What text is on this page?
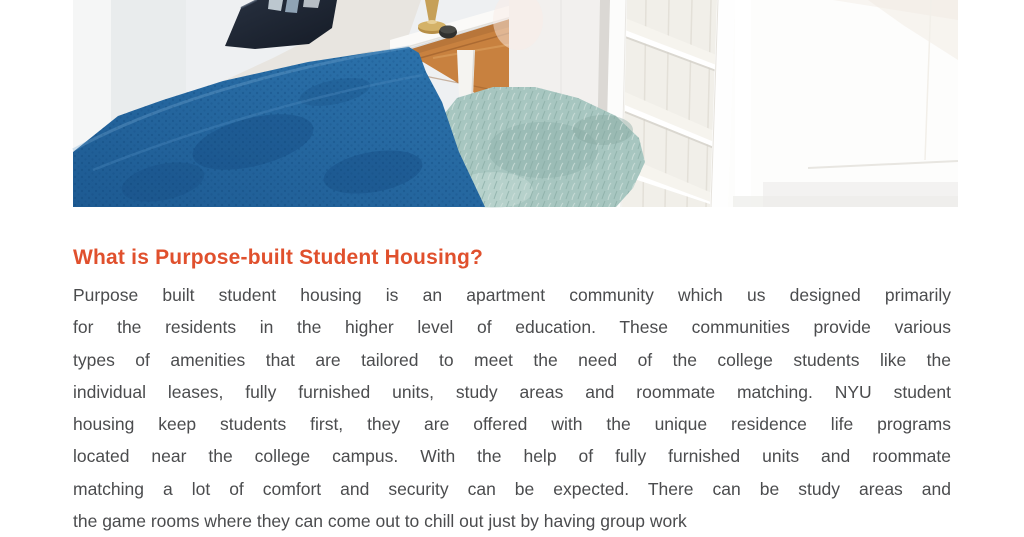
What is Purpose-built Student Housing?
Purpose built student housing is an apartment community which us designed primarily
for the residents in the higher level of education. These communities provide various
types of amenities that are tailored to meet the need of the college students like the
individual leases, fully furnished units, study areas and roommate matching. NYU student
housing keep students first, they are offered with the unique residence life programs
located near the college campus. With the help of fully furnished units and roommate
matching a lot of comfort and security can be expected. There can be study areas and
the game rooms where they can come out to chill out just by having group work
